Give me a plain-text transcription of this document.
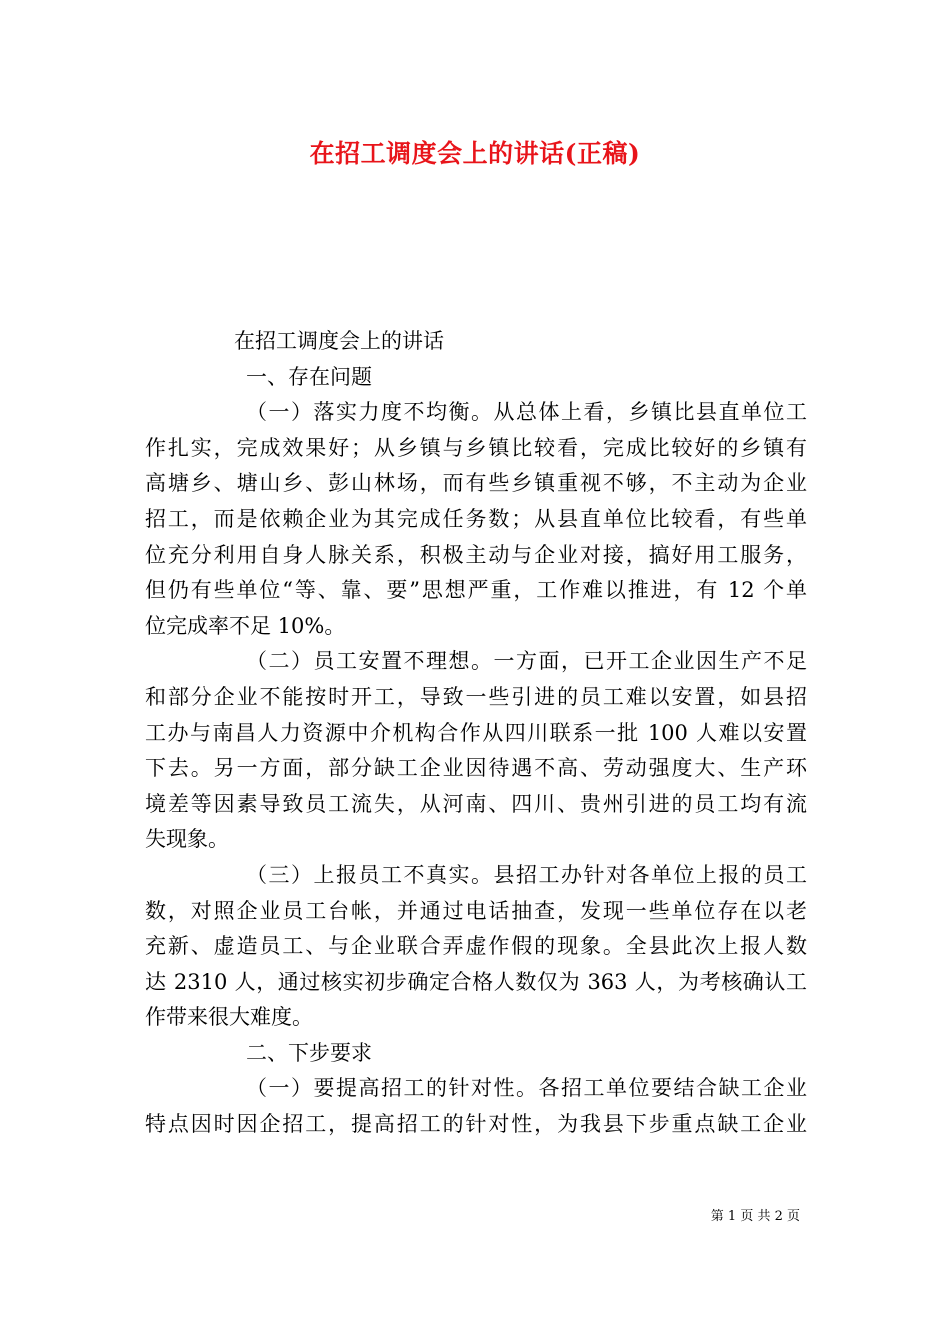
在招工调度会上的讲话(正稿)
在招工调度会上的讲话
一、存在问题
（一）落实力度不均衡。从总体上看，乡镇比县直单位工
作扎实，完成效果好；从乡镇与乡镇比较看，完成比较好的乡镇有
高塘乡、塘山乡、彭山林场，而有些乡镇重视不够，不主动为企业
招工，而是依赖企业为其完成任务数；从县直单位比较看，有些单
位充分利用自身人脉关系，积极主动与企业对接，搞好用工服务，
但仍有些单位“等、靠、要”思想严重，工作难以推进，有 12 个单
位完成率不足 10%。
（二）员工安置不理想。一方面，已开工企业因生产不足
和部分企业不能按时开工，导致一些引进的员工难以安置，如县招
工办与南昌人力资源中介机构合作从四川联系一批 100 人难以安置
下去。另一方面，部分缺工企业因待遇不高、劳动强度大、生产环
境差等因素导致员工流失，从河南、四川、贵州引进的员工均有流
失现象。
（三）上报员工不真实。县招工办针对各单位上报的员工
数，对照企业员工台帐，并通过电话抽查，发现一些单位存在以老
充新、虚造员工、与企业联合弄虚作假的现象。全县此次上报人数
达 2310 人，通过核实初步确定合格人数仅为 363 人，为考核确认工
作带来很大难度。
二、下步要求
（一）要提高招工的针对性。各招工单位要结合缺工企业
特点因时因企招工，提高招工的针对性，为我县下步重点缺工企业
第 1 页 共 2 页
